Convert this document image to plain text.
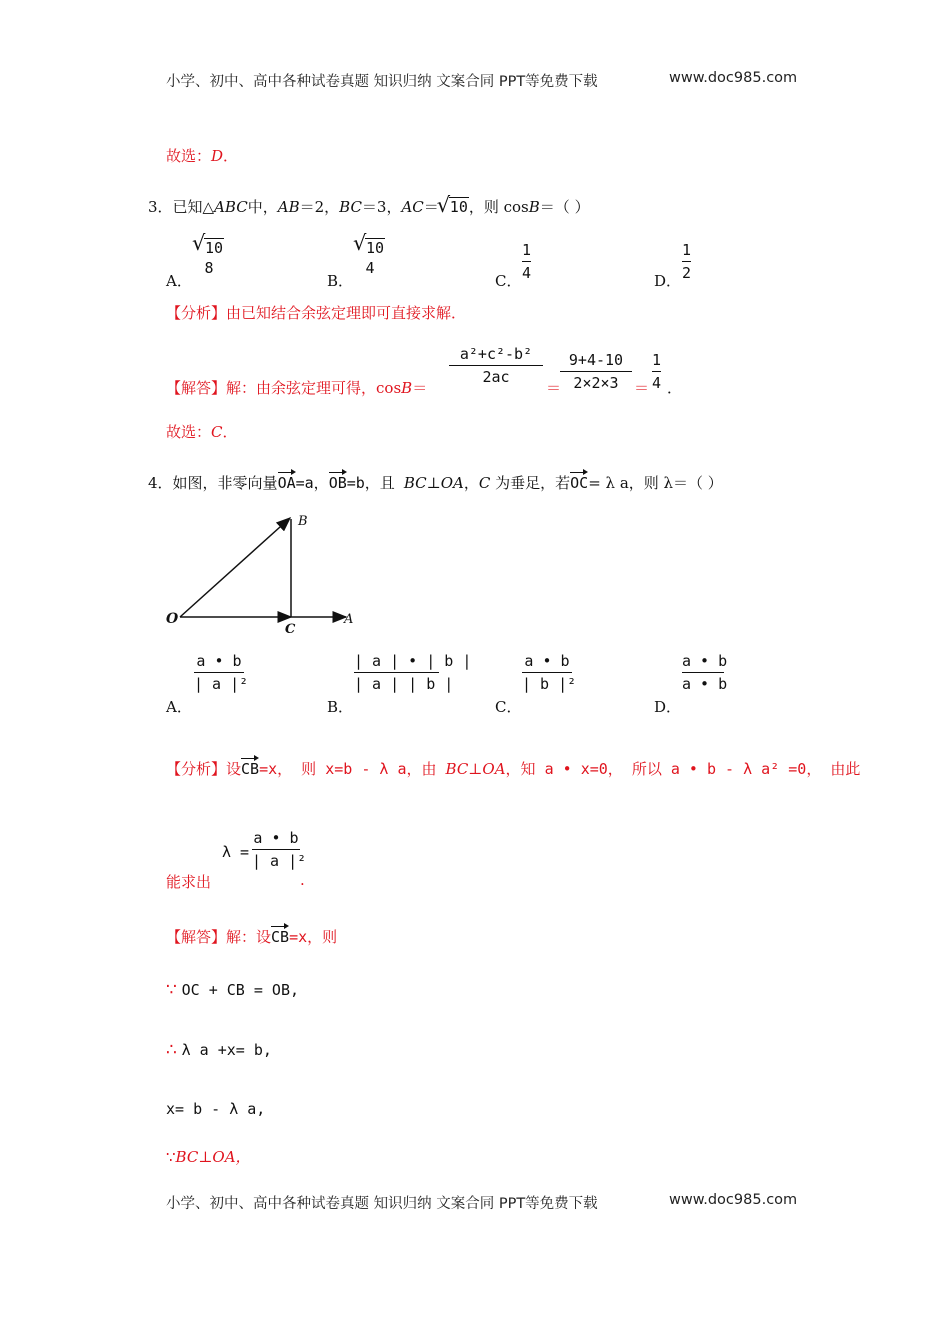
小学、初中、高中各种试卷真题 知识归纳 文案合同 PPT等免费下载	www.doc985.com
故选：D．
3．已知△ABC中，AB＝2，BC＝3，AC＝√ 10，则 cosB＝（ ）
A．
√ 10
8
B．
√ 10
4
C．
1
4	D．
1
2
【分析】由已知结合余弦定理即可直接求解．
【解答】解：由余弦定理可得，cosB＝
a²+c²-b²
2ac
＝
9+4-10
2×2×3	＝
1
4 ．
故选：C．
4．如图，非零向量OA=a，OB=b，且 BC⊥OA，C 为垂足，若OC= λ a，则 λ＝（ ）
O	A
B
C
A．
a • b
| a |²
B．
| a | • | b |
| a | | b |
C．
a • b
| b |²
D．
a • b
a • b
【分析】设CB=x， 则 x=b - λ a，由 BC⊥OA，知 a • x=0， 所以 a • b - λ a² =0， 由此
能求出
λ =
a • b
| a |²
.
【解答】解：设CB=x，则
∵ OC + CB = OB,
∴ λ a +x= b,
x= b - λ a,
∵BC⊥OA，
小学、初中、高中各种试卷真题 知识归纳 文案合同 PPT等免费下载	www.doc985.com
